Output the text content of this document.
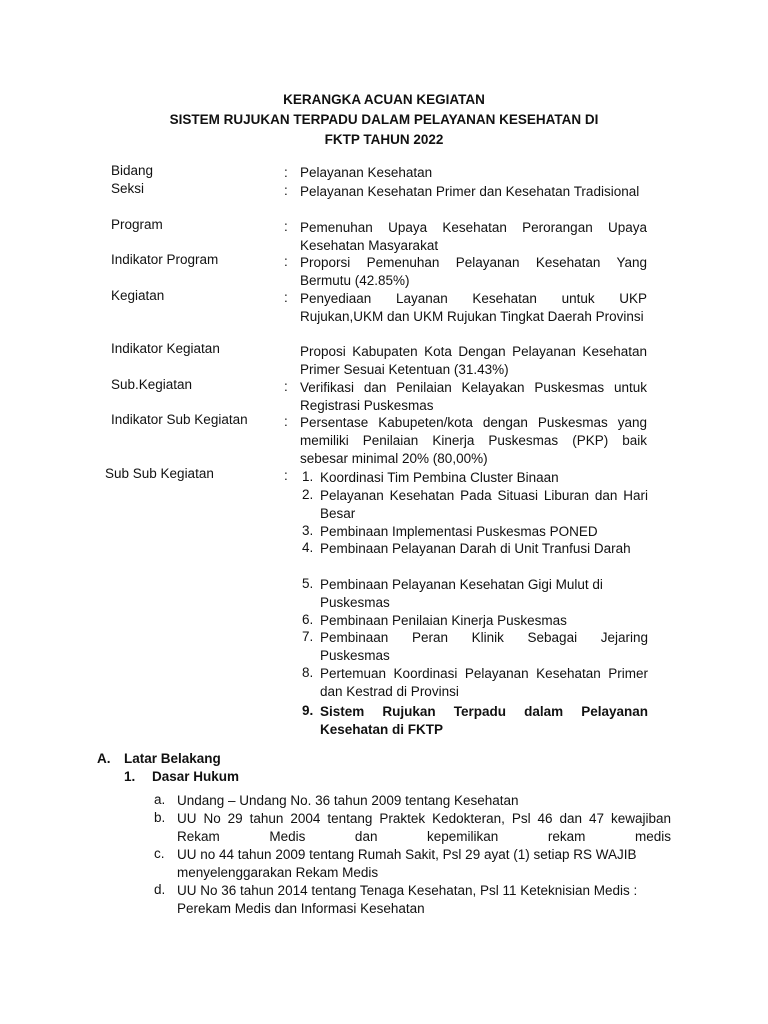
KERANGKA ACUAN KEGIATAN
SISTEM RUJUKAN TERPADU DALAM PELAYANAN KESEHATAN DI
FKTP TAHUN 2022
Bidang	: Pelayanan Kesehatan
Seksi	: Pelayanan Kesehatan Primer dan Kesehatan Tradisional
Program	: Pemenuhan Upaya Kesehatan Perorangan Upaya Kesehatan Masyarakat
Indikator Program	: Proporsi Pemenuhan Pelayanan Kesehatan Yang Bermutu (42.85%)
Kegiatan	: Penyediaan Layanan Kesehatan untuk UKP Rujukan,UKM dan UKM Rujukan Tingkat Daerah Provinsi
Indikator Kegiatan	Proposi Kabupaten Kota Dengan Pelayanan Kesehatan Primer Sesuai Ketentuan (31.43%)
Sub.Kegiatan	: Verifikasi dan Penilaian Kelayakan Puskesmas untuk Registrasi Puskesmas
Indikator Sub Kegiatan	: Persentase Kabupeten/kota dengan Puskesmas yang memiliki Penilaian Kinerja Puskesmas (PKP) baik sebesar minimal 20% (80,00%)
Sub Sub Kegiatan	: 1. Koordinasi Tim Pembina Cluster Binaan
2. Pelayanan Kesehatan Pada Situasi Liburan dan Hari Besar
3. Pembinaan Implementasi Puskesmas PONED
4. Pembinaan Pelayanan Darah di Unit Tranfusi Darah
5. Pembinaan Pelayanan Kesehatan Gigi Mulut di Puskesmas
6. Pembinaan Penilaian Kinerja Puskesmas
7. Pembinaan Peran Klinik Sebagai Jejaring Puskesmas
8. Pertemuan Koordinasi Pelayanan Kesehatan Primer dan Kestrad di Provinsi
9. Sistem Rujukan Terpadu dalam Pelayanan Kesehatan di FKTP
A. Latar Belakang
1. Dasar Hukum
a. Undang – Undang No. 36 tahun 2009 tentang Kesehatan
b. UU No 29 tahun 2004 tentang Praktek Kedokteran, Psl 46 dan 47 kewajiban Rekam Medis dan kepemilikan rekam medis
c. UU no 44 tahun 2009 tentang Rumah Sakit, Psl 29 ayat (1) setiap RS WAJIB menyelenggarakan Rekam Medis
d. UU No 36 tahun 2014 tentang Tenaga Kesehatan, Psl 11 Keteknisian Medis : Perekam Medis dan Informasi Kesehatan
